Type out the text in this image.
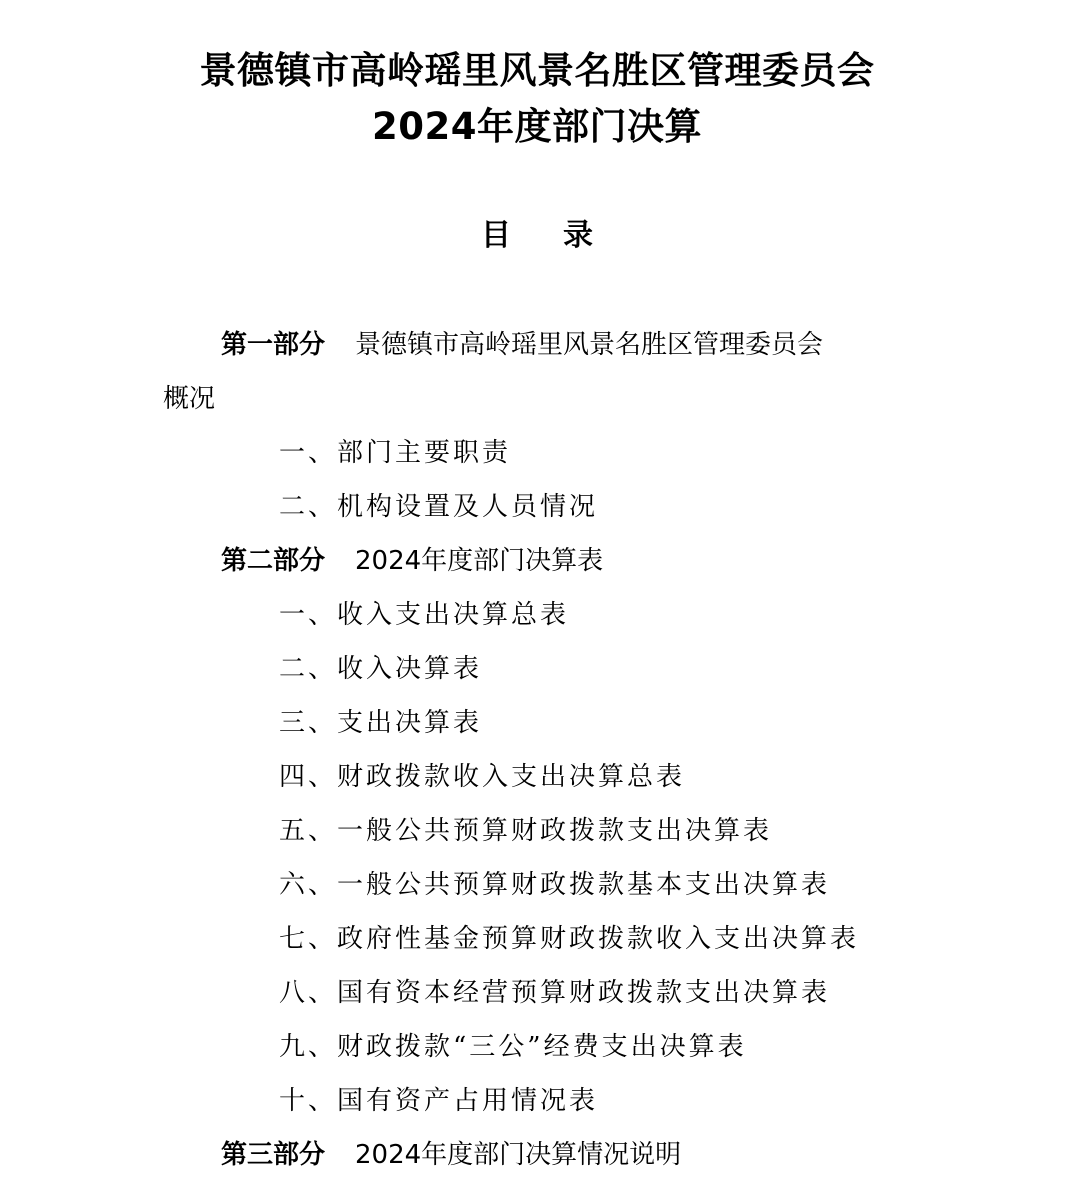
景德镇市高岭瑶里风景名胜区管理委员会
2024年度部门决算
目录
第一部分 景德镇市高岭瑶里风景名胜区管理委员会
概况
一、部门主要职责
二、机构设置及人员情况
第二部分 2024年度部门决算表
一、收入支出决算总表
二、收入决算表
三、支出决算表
四、财政拨款收入支出决算总表
五、一般公共预算财政拨款支出决算表
六、一般公共预算财政拨款基本支出决算表
七、政府性基金预算财政拨款收入支出决算表
八、国有资本经营预算财政拨款支出决算表
九、财政拨款“三公”经费支出决算表
十、国有资产占用情况表
第三部分 2024年度部门决算情况说明
